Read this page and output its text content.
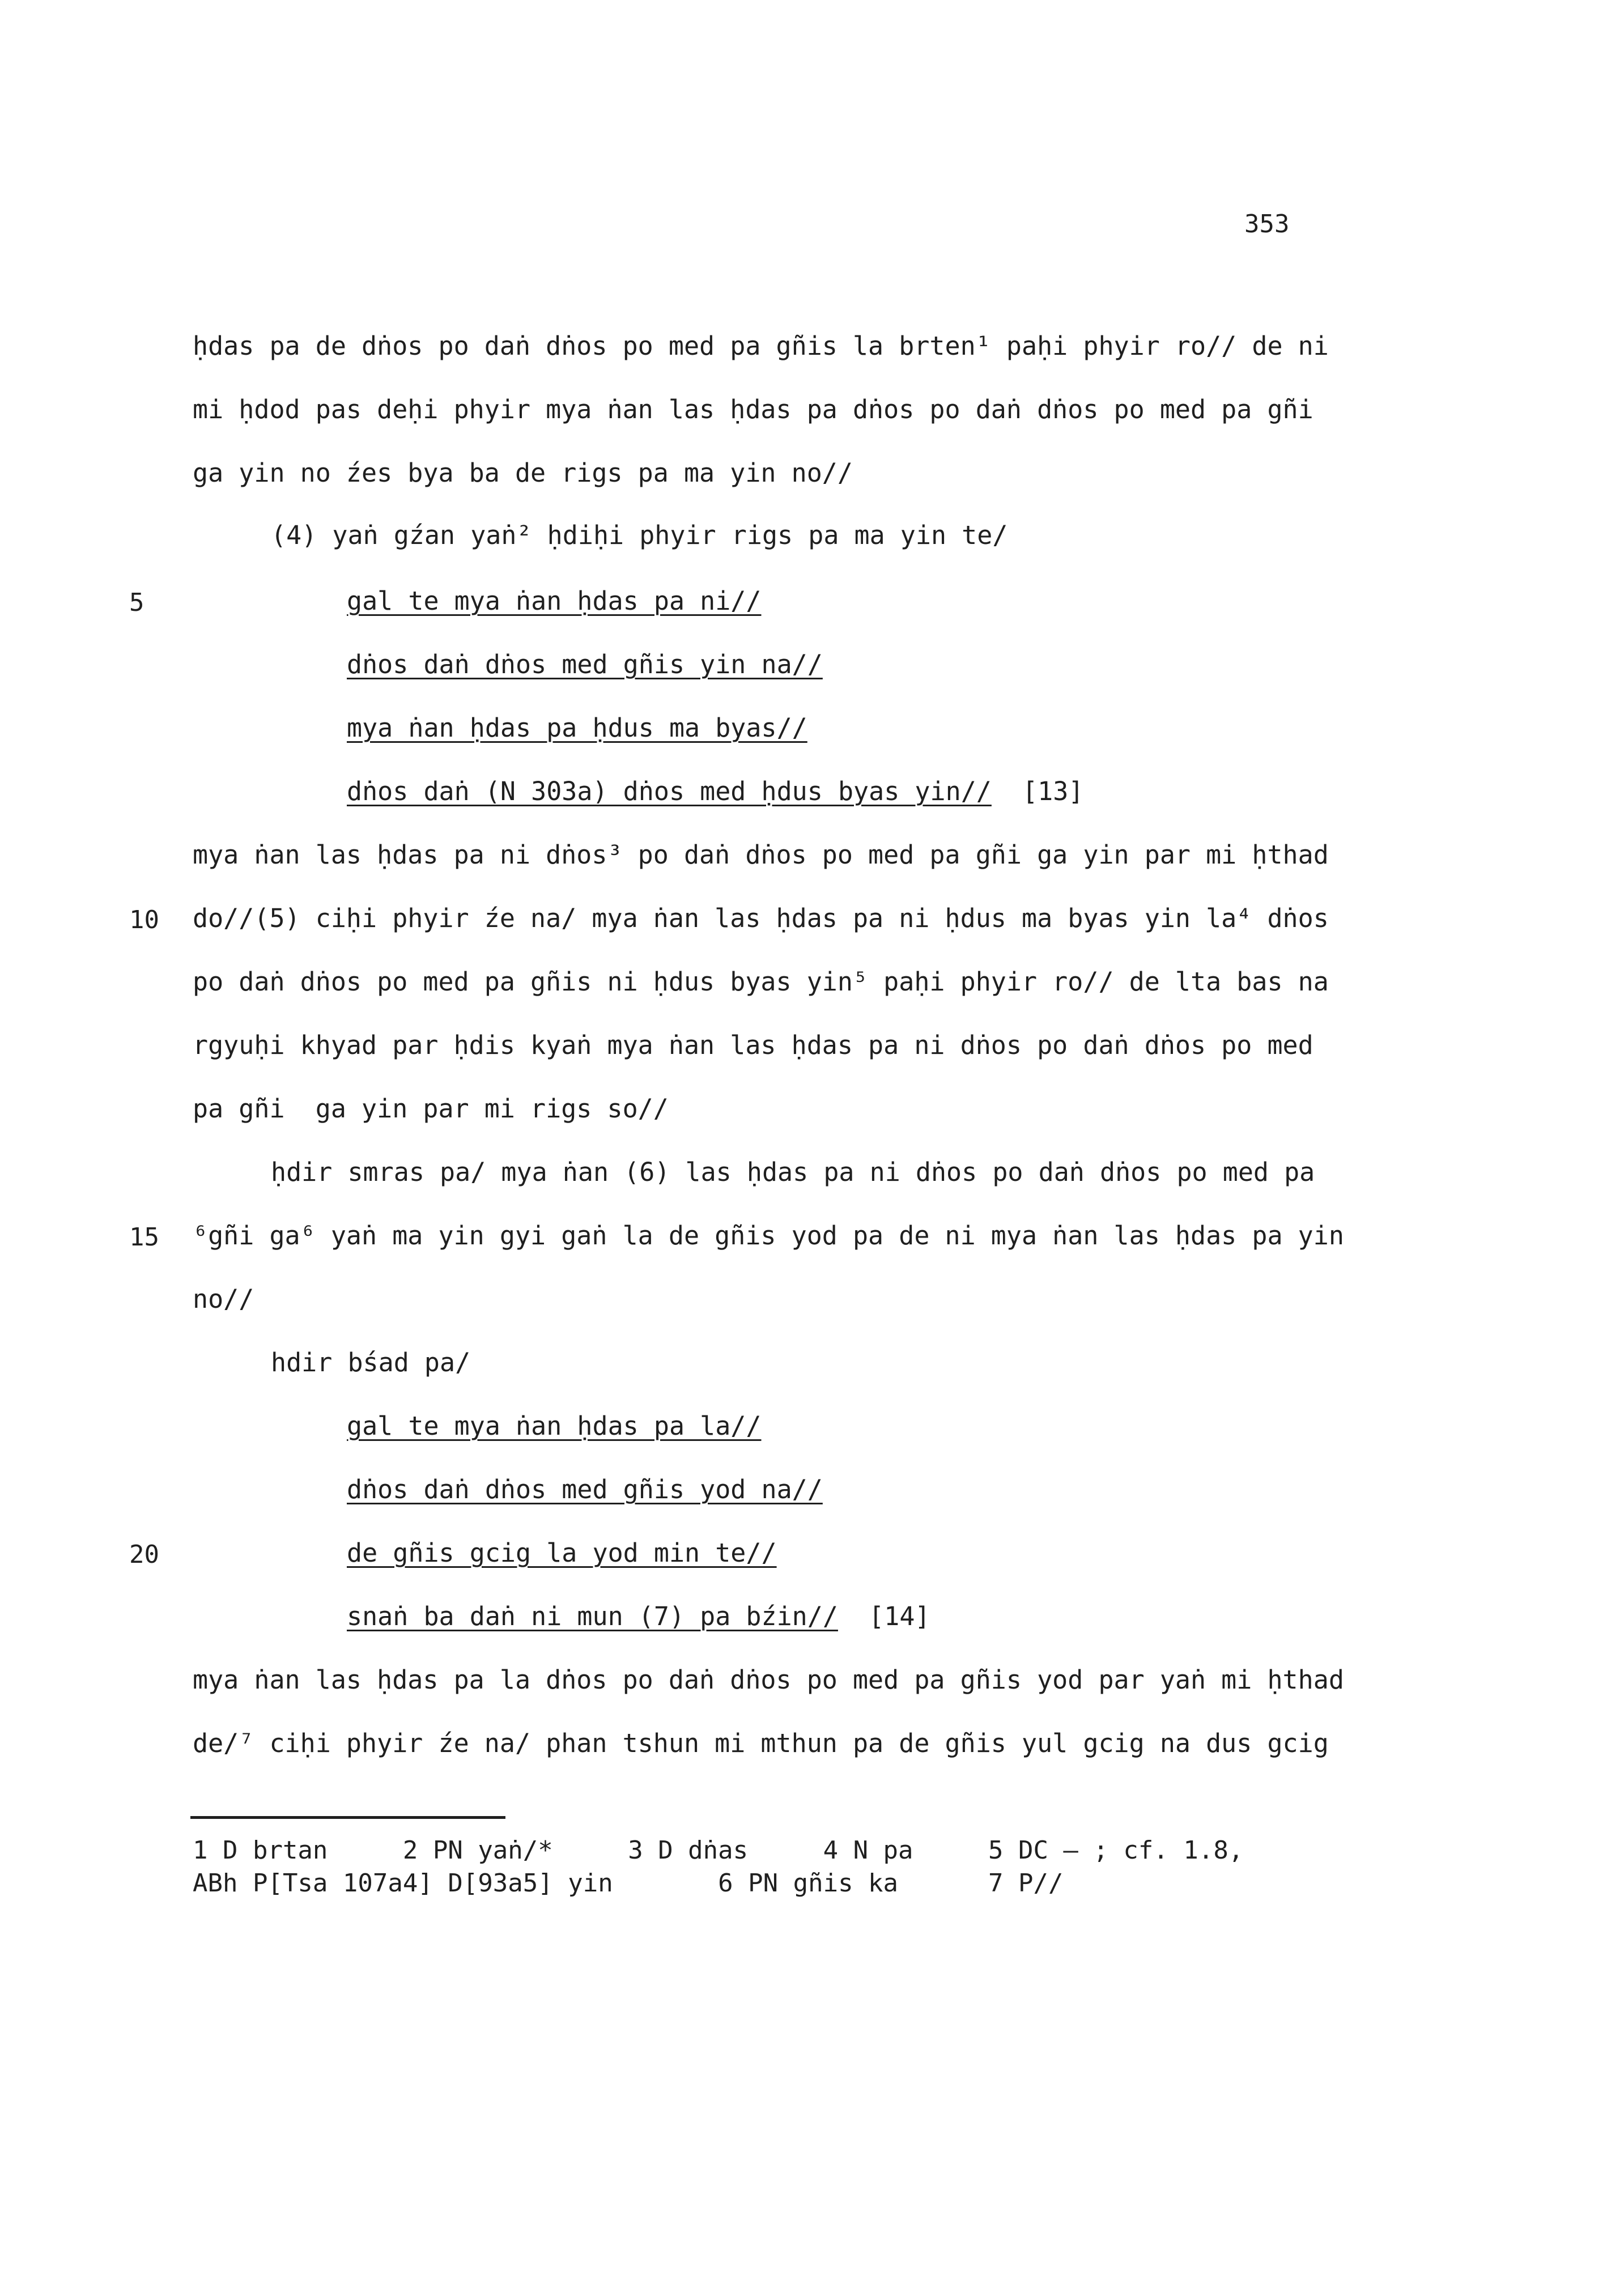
353
ḥdas pa de dṅos po daṅ dṅos po med pa gñis la brten¹ paḥi phyir ro// de ni
mi ḥdod pas deḥi phyir mya ṅan las ḥdas pa dṅos po daṅ dṅos po med pa gñi
ga yin no źes bya ba de rigs pa ma yin no//
(4) yaṅ gźan yaṅ² ḥdiḥi phyir rigs pa ma yin te/
gal te mya ṅan ḥdas pa ni//
5
dṅos daṅ dṅos med gñis yin na//
mya ṅan ḥdas pa ḥdus ma byas//
dṅos daṅ (N 303a) dṅos med ḥdus byas yin//  [13]
mya ṅan las ḥdas pa ni dṅos³ po daṅ dṅos po med pa gñi ga yin par mi ḥthad
do//(5) ciḥi phyir źe na/ mya ṅan las ḥdas pa ni ḥdus ma byas yin la⁴ dṅos
10
po daṅ dṅos po med pa gñis ni ḥdus byas yin⁵ paḥi phyir ro// de lta bas na
rgyuḥi khyad par ḥdis kyaṅ mya ṅan las ḥdas pa ni dṅos po daṅ dṅos po med
pa gñi  ga yin par mi rigs so//
ḥdir smras pa/ mya ṅan (6) las ḥdas pa ni dṅos po daṅ dṅos po med pa
⁶gñi ga⁶ yaṅ ma yin gyi gaṅ la de gñis yod pa de ni mya ṅan las ḥdas pa yin
15
no//
hdir bśad pa/
gal te mya ṅan ḥdas pa la//
dṅos daṅ dṅos med gñis yod na//
de gñis gcig la yod min te//
20
snaṅ ba daṅ ni mun (7) pa bźin//  [14]
mya ṅan las ḥdas pa la dṅos po daṅ dṅos po med pa gñis yod par yaṅ mi ḥthad
de/⁷ ciḥi phyir źe na/ phan tshun mi mthun pa de gñis yul gcig na dus gcig
1 D brtan     2 PN yaṅ/*     3 D dṅas     4 N pa     5 DC — ; cf. 1.8,
ABh P[Tsa 107a4] D[93a5] yin       6 PN gñis ka      7 P//
